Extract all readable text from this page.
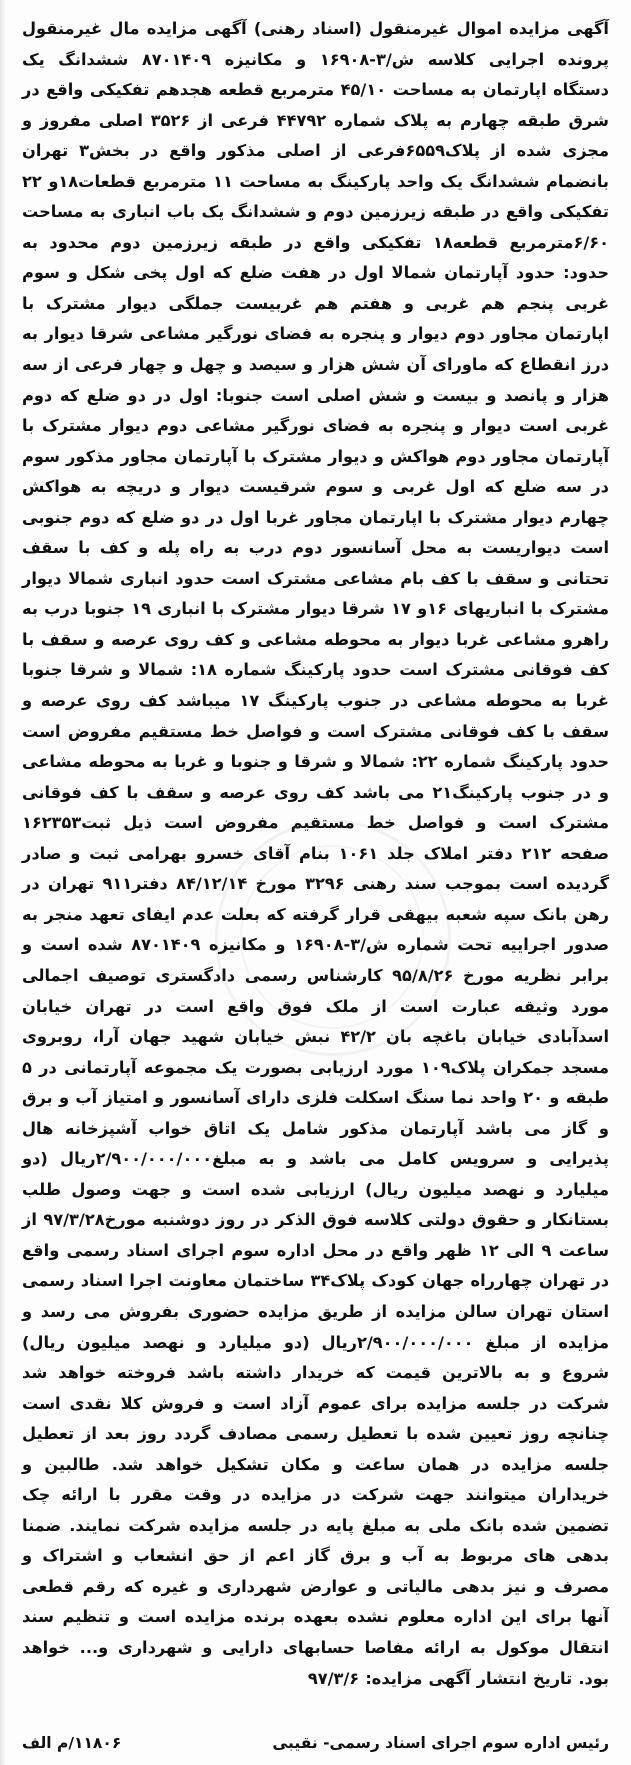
آگهی مزایده اموال غیرمنقول (اسناد رهنی) آگهی مزایده مال غیرمنقول پرونده اجرایی کلاسه ش/۳-۱۶۹۰۸ و مکانیزه ۸۷۰۱۴۰۹ ششدانگ یک دستگاه اپارتمان به مساحت ۴۵/۱۰ مترمربع قطعه هجدهم تفکیکی واقع در شرق طبقه چهارم به پلاک شماره ۴۴۷۹۲ فرعی از ۳۵۲۶ اصلی مفروز و مجزی شده از پلاک۶۵۵۹فرعی از اصلی مذکور واقع در بخش۳ تهران بانضمام ششدانگ یک واحد پارکینگ به مساحت ۱۱ مترمربع قطعات۱۸و ۲۲ تفکیکی واقع در طبقه زیرزمین دوم و ششدانگ یک باب انباری به مساحت ۶/۶۰مترمربع قطعه۱۸ تفکیکی واقع در طبقه زیرزمین دوم محدود به حدود: حدود آپارتمان شمالا اول در هفت ضلع که اول پخی شکل و سوم غربی پنجم هم غربی و هفتم هم غربیست جملگی دیوار مشترک با اپارتمان مجاور دوم دیوار و پنجره به فضای نورگیر مشاعی شرقا دیوار به درز انقطاع که ماورای آن شش هزار و سیصد و چهل و چهار فرعی از سه هزار و پانصد و بیست و شش اصلی است جنوبا: اول در دو ضلع که دوم غربی است دیوار و پنجره به فضای نورگیر مشاعی دوم دیوار مشترک با آپارتمان مجاور دوم هواکش و دیوار مشترک با آپارتمان مجاور مذکور سوم در سه ضلع که اول غربی و سوم شرقیست دیوار و دریچه به هواکش چهارم دیوار مشترک با اپارتمان مجاور غربا اول در دو ضلع که دوم جنوبی است دیواریست به محل آسانسور دوم درب به راه پله و کف با سقف تحتانی و سقف با کف بام مشاعی مشترک است حدود انباری شمالا دیوار مشترک با انباریهای ۱۶و ۱۷ شرقا دیوار مشترک با انباری ۱۹ جنوبا درب به راهرو مشاعی غربا دیوار به محوطه مشاعی و کف روی عرصه و سقف با کف فوقانی مشترک است حدود پارکینگ شماره ۱۸: شمالا و شرقا جنوبا غربا به محوطه مشاعی در جنوب پارکینگ ۱۷ میباشد کف روی عرصه و سقف با کف فوقانی مشترک است و فواصل خط مستقیم مفروض است حدود پارکینگ شماره ۲۲: شمالا و شرقا و جنوبا و غربا به محوطه مشاعی و در جنوب پارکینگ۲۱ می باشد کف روی عرصه و سقف با کف فوقانی مشترک است و فواصل خط مستقیم مفروض است ذیل ثبت۱۶۲۳۵۳ صفحه ۲۱۲ دفتر املاک جلد ۱۰۶۱ بنام آقای خسرو بهرامی ثبت و صادر گردیده است بموجب سند رهنی ۳۲۹۶ مورخ ۸۴/۱۲/۱۴ دفتر۹۱۱ تهران در رهن بانک سپه شعبه بیهقی قرار گرفته که بعلت عدم ایفای تعهد منجر به صدور اجراییه تحت شماره ش/۳-۱۶۹۰۸ و مکانیزه ۸۷۰۱۴۰۹ شده است و برابر نظریه مورخ ۹۵/۸/۲۶ کارشناس رسمی دادگستری توصیف اجمالی مورد وثیقه عبارت است از ملک فوق واقع است در تهران خیابان اسدآبادی خیابان باغچه بان ۴۲/۲ نبش خیابان شهید جهان آرا، روبروی مسجد جمکران پلاک۱۰۹ مورد ارزیابی بصورت یک مجموعه آپارتمانی در ۵ طبقه و ۲۰ واحد نما سنگ اسکلت فلزی دارای آسانسور و امتیاز آب و برق و گاز می باشد آپارتمان مذکور شامل یک اتاق خواب آشپزخانه هال پذیرایی و سرویس کامل می باشد و به مبلغ۲/۹۰۰/۰۰۰/۰۰۰ریال (دو میلیارد و نهصد میلیون ریال) ارزیابی شده است و جهت وصول طلب بستانکار و حقوق دولتی کلاسه فوق الذکر در روز دوشنبه مورخ۹۷/۳/۲۸ از ساعت ۹ الی ۱۲ ظهر واقع در محل اداره سوم اجرای اسناد رسمی واقع در تهران چهارراه جهان کودک پلاک۳۴ ساختمان معاونت اجرا اسناد رسمی استان تهران سالن مزایده از طریق مزایده حضوری بفروش می رسد و مزایده از مبلغ ۲/۹۰۰/۰۰۰/۰۰۰ریال (دو میلیارد و نهصد میلیون ریال) شروع و به بالاترین قیمت که خریدار داشته باشد فروخته خواهد شد شرکت در جلسه مزایده برای عموم آزاد است و فروش کلا نقدی است چنانچه روز تعیین شده با تعطیل رسمی مصادف گردد روز بعد از تعطیل جلسه مزایده در همان ساعت و مکان تشکیل خواهد شد. طالبین و خریداران میتوانند جهت شرکت در مزایده در وقت مقرر با ارائه چک تضمین شده بانک ملی به مبلغ پایه در جلسه مزایده شرکت نمایند. ضمنا بدهی های مربوط به آب و برق گاز اعم از حق انشعاب و اشتراک و مصرف و نیز بدهی مالیاتی و عوارض شهرداری و غیره که رقم قطعی آنها برای این اداره معلوم نشده بعهده برنده مزایده است و تنظیم سند انتقال موکول به ارائه مفاصا حسابهای دارایی و شهرداری و... خواهد بود. تاریخ انتشار آگهی مزایده: ۹۷/۳/۶

رئیس اداره سوم اجرای اسناد رسمی- نقیبی
۱۱۸۰۶/م الف
